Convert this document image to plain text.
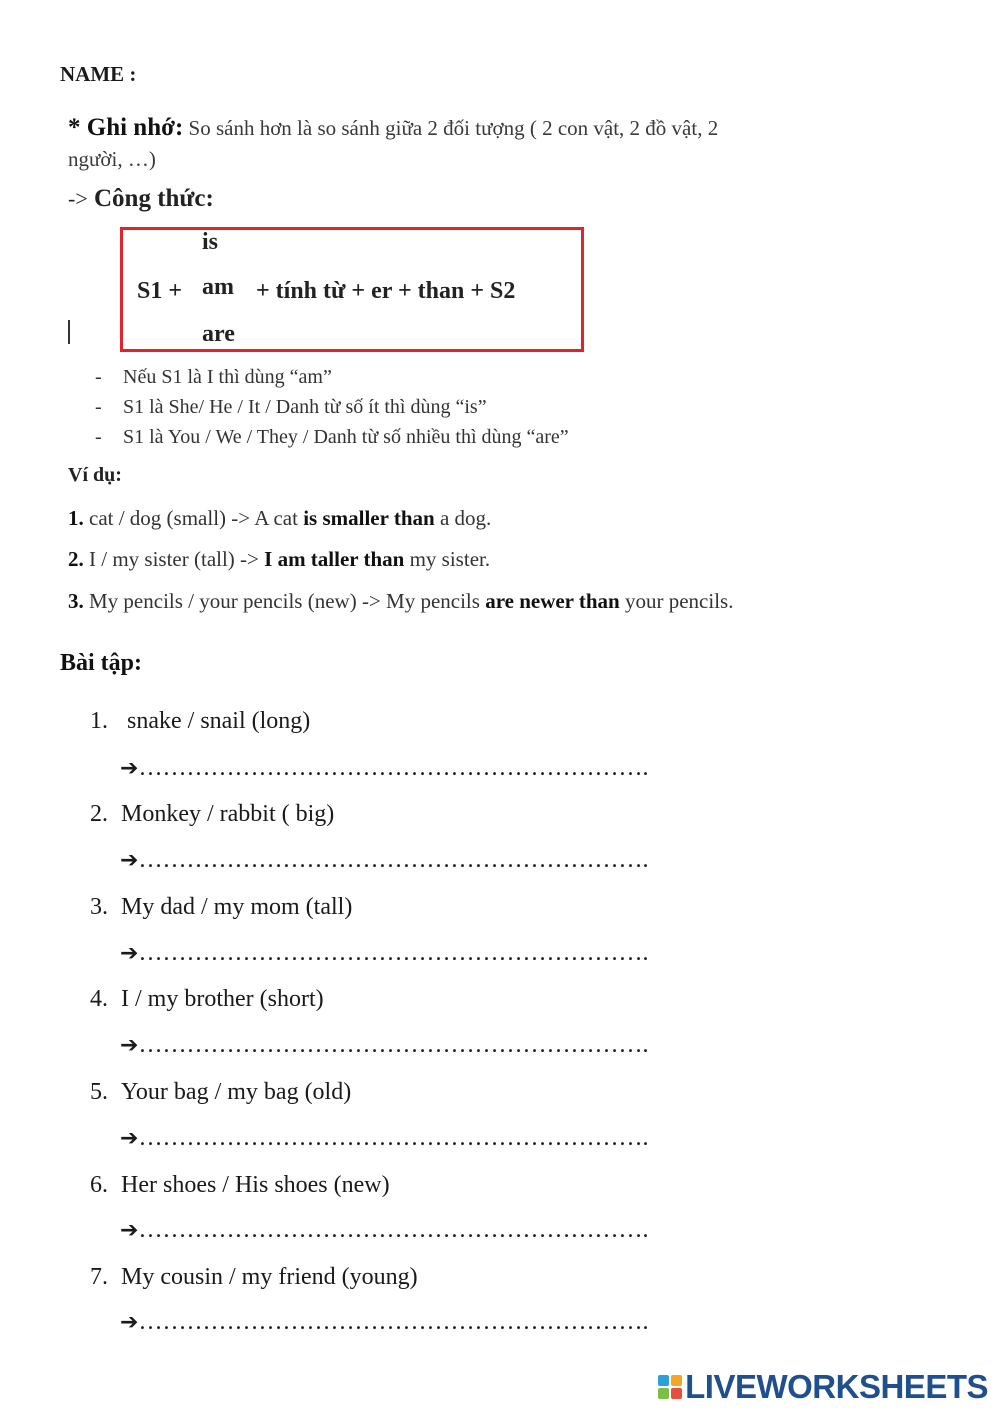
NAME :
* Ghi nhớ: So sánh hơn là so sánh giữa 2 đối tượng ( 2 con vật, 2 đồ vật, 2
người, …)
-> Công thức:
is
S1 + am + tính từ + er + than + S2
are
- Nếu S1 là I thì dùng “am”
- S1 là She/ He / It / Danh từ số ít thì dùng “is”
- S1 là You / We / They / Danh từ số nhiều thì dùng “are”
Ví dụ:
1. cat / dog (small) -> A cat is smaller than a dog.
2. I / my sister (tall) -> I am taller than my sister.
3. My pencils / your pencils (new) -> My pencils are newer than your pencils.
Bài tập:
1. snake / snail (long)
➔……………………………………………………….
2. Monkey / rabbit ( big)
➔……………………………………………………….
3. My dad / my mom (tall)
➔……………………………………………………….
4. I / my brother (short)
➔……………………………………………………….
5. Your bag / my bag (old)
➔……………………………………………………….
6. Her shoes / His shoes (new)
➔……………………………………………………….
7. My cousin / my friend (young)
➔……………………………………………………….
LIVEWORKSHEETS
